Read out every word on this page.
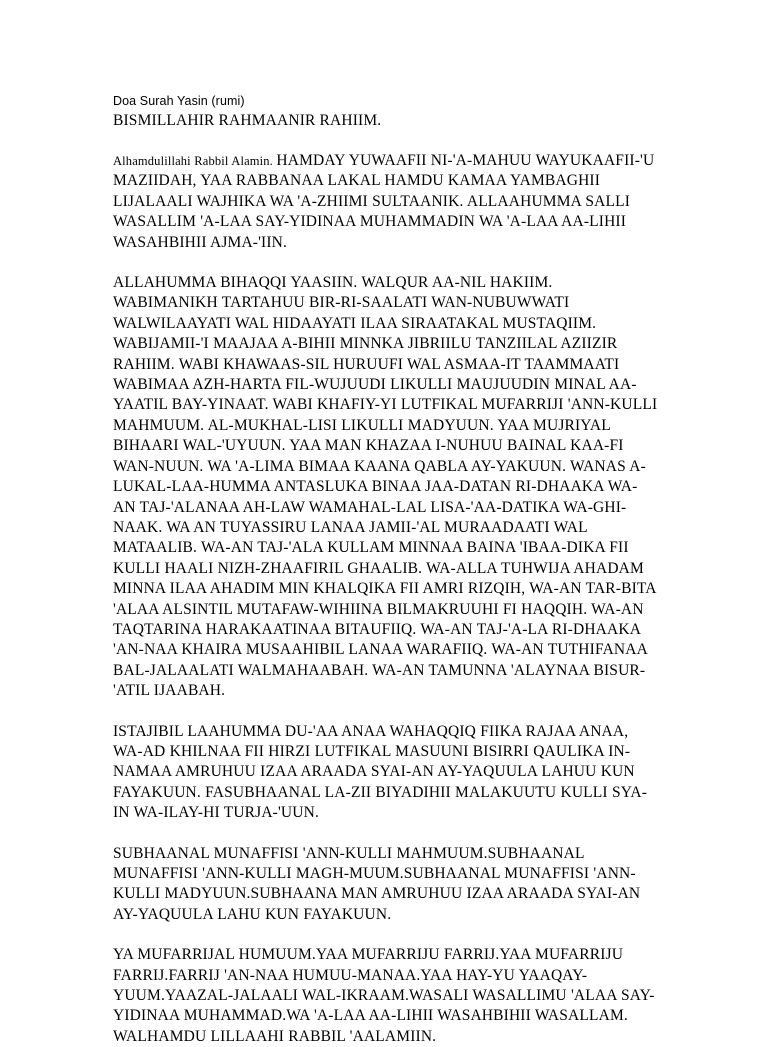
Doa Surah Yasin (rumi)
BISMILLAHIR RAHMAANIR RAHIIM.

Alhamdulillahi Rabbil Alamin. HAMDAY YUWAAFII NI-'A-MAHUU WAYUKAAFII-'U MAZIIDAH, YAA RABBANAA LAKAL HAMDU KAMAA YAMBAGHII LIJALAALI WAJHIKA WA 'A-ZHIIMI SULTAANIK. ALLAAHUMMA SALLI WASALLIM 'A-LAA SAY-YIDINAA MUHAMMADIN WA 'A-LAA AA-LIHII WASAHBIHII AJMA-'IIN.

ALLAHUMMA BIHAQQI YAASIIN. WALQUR AA-NIL HAKIIM. WABIMANIKH TARTAHUU BIR-RI-SAALATI WAN-NUBUWWATI WALWILAAYATI WAL HIDAAYATI ILAA SIRAATAKAL MUSTAQIIM. WABIJAMII-'I MAAJAA A-BIHII MINNKA JIBRIILU TANZIILAL AZIIZIR RAHIIM. WABI KHAWAAS-SIL HURUUFI WAL ASMAA-IT TAAMMAATI WABIMAA AZH-HARTA FIL-WUJUUDI LIKULLI MAUJUUDIN MINAL AA-YAATIL BAY-YINAAT. WABI KHAFIY-YI LUTFIKAL MUFARRIJI 'ANN-KULLI MAHMUUM. AL-MUKHAL-LISI LIKULLI MADYUUN. YAA MUJRIYAL BIHAARI WAL-'UYUUN. YAA MAN KHAZAA I-NUHUU BAINAL KAA-FI WAN-NUUN. WA 'A-LIMA BIMAA KAANA QABLA AY-YAKUUN. WANAS A-LUKAL-LAA-HUMMA ANTASLUKA BINAA JAA-DATAN RI-DHAAKA WA-AN TAJ-'ALANAA AH-LAW WAMAHAL-LAL LISA-'AA-DATIKA WA-GHI-NAAK. WA AN TUYASSIRU LANAA JAMII-'AL MURAADAATI WAL MATAALIB. WA-AN TAJ-'ALA KULLAM MINNAA BAINA 'IBAA-DIKA FII KULLI HAALI NIZH-ZHAAFIRIL GHAALIB. WA-ALLA TUHWIJA AHADAM MINNA ILAA AHADIM MIN KHALQIKA FII AMRI RIZQIH, WA-AN TAR-BITA 'ALAA ALSINTIL MUTAFAW-WIHIINA BILMAKRUUHI FI HAQQIH. WA-AN TAQTARINA HARAKAATINAA BITAUFIIQ. WA-AN TAJ-'A-LA RI-DHAAKA 'AN-NAA KHAIRA MUSAAHIBIL LANAA WARAFIIQ. WA-AN TUTHIFANAA BAL-JALAALATI WALMAHAABAH. WA-AN TAMUNNA 'ALAYNAA BISUR-'ATIL IJAABAH.

ISTAJIBIL LAAHUMMA DU-'AA ANAA WAHAQQIQ FIIKA RAJAA ANAA, WA-AD KHILNAA FII HIRZI LUTFIKAL MASUUNI BISIRRI QAULIKA IN-NAMAA AMRUHUU IZAA ARAADA SYAI-AN AY-YAQUULA LAHUU KUN FAYAKUUN. FASUBHAANAL LA-ZII BIYADIHII MALAKUUTU KULLI SYA-IN WA-ILAY-HI TURJA-'UUN.

SUBHAANAL MUNAFFISI 'ANN-KULLI MAHMUUM.SUBHAANAL MUNAFFISI 'ANN-KULLI MAGH-MUUM.SUBHAANAL MUNAFFISI 'ANN-KULLI MADYUUN.SUBHAANA MAN AMRUHUU IZAA ARAADA SYAI-AN AY-YAQUULA LAHU KUN FAYAKUUN.

YA MUFARRIJAL HUMUUM.YAA MUFARRIJU FARRIJ.YAA MUFARRIJU FARRIJ.FARRIJ 'AN-NAA HUMUU-MANAA.YAA HAY-YU YAAQAY-YUUM.YAAZAL-JALAALI WAL-IKRAAM.WASALI WASALLIMU 'ALAA SAY-YIDINAA MUHAMMAD.WA 'A-LAA AA-LIHII WASAHBIHII WASALLAM. WALHAMDU LILLAAHI RABBIL 'AALAMIIN.
